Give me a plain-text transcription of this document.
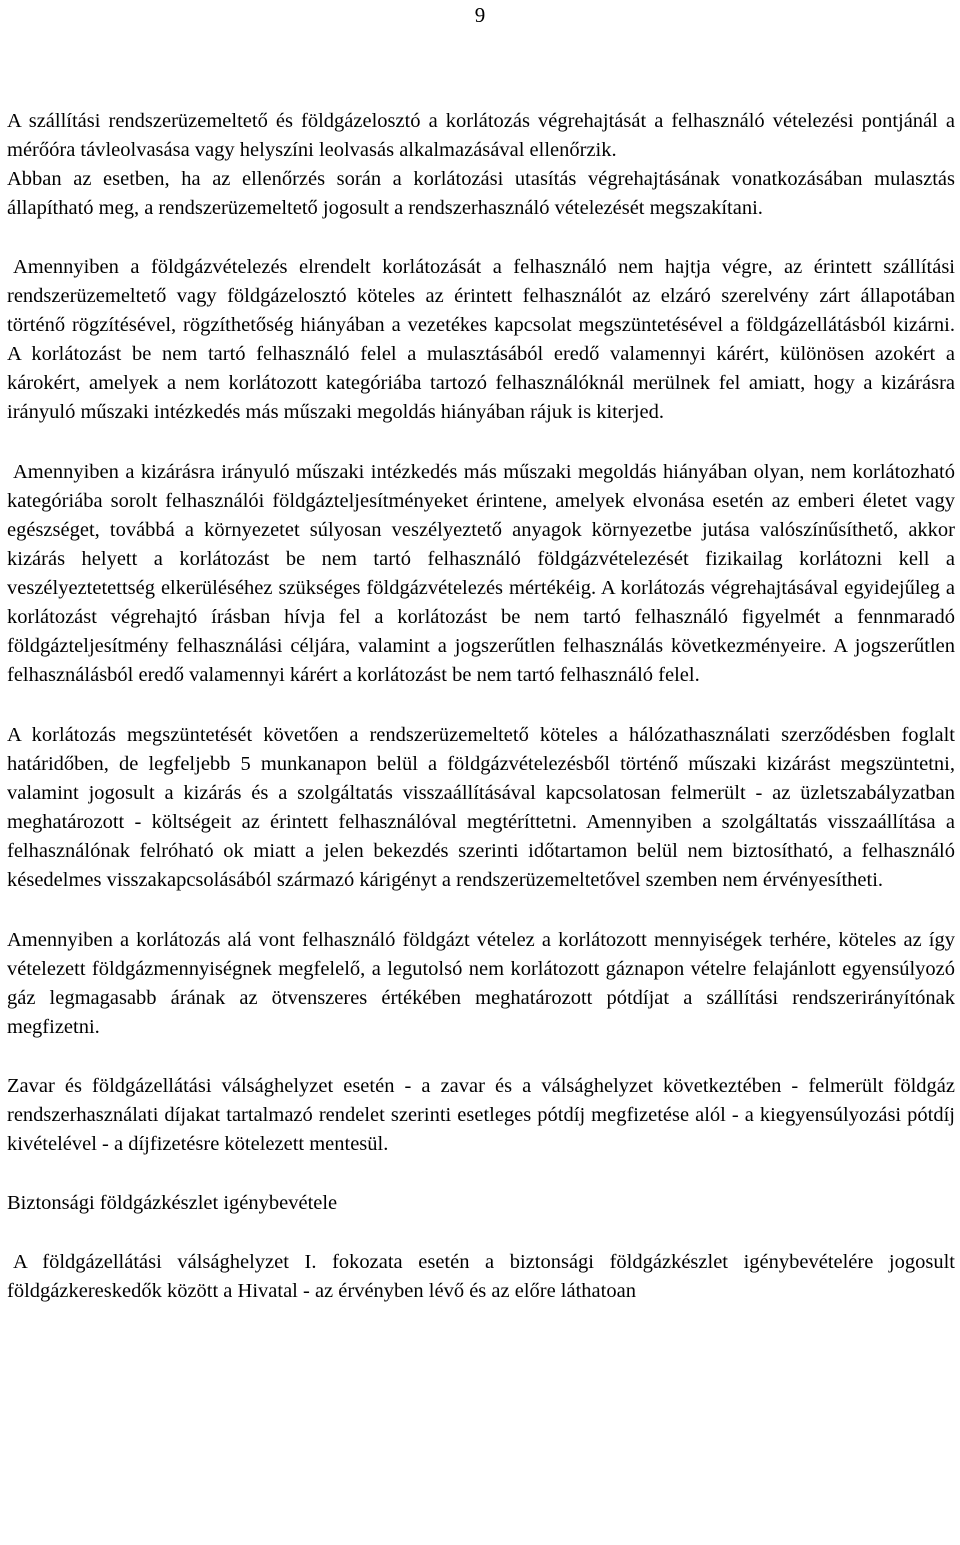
9

A szállítási rendszerüzemeltető és földgázelosztó a korlátozás végrehajtását a felhasználó vételezési pontjánál a mérőóra távleolvasása vagy helyszíni leolvasás alkalmazásával ellenőrzik.

Abban az esetben, ha az ellenőrzés során a korlátozási utasítás végrehajtásának vonatkozásában mulasztás állapítható meg, a rendszerüzemeltető jogosult a rendszerhasználó vételezését megszakítani.

Amennyiben a földgázvételezés elrendelt korlátozását a felhasználó nem hajtja végre, az érintett szállítási rendszerüzemeltető vagy földgázelosztó köteles az érintett felhasználót az elzáró szerelvény zárt állapotában történő rögzítésével, rögzíthetőség hiányában a vezetékes kapcsolat megszüntetésével a földgázellátásból kizárni. A korlátozást be nem tartó felhasználó felel a mulasztásából eredő valamennyi kárért, különösen azokért a károkért, amelyek a nem korlátozott kategóriába tartozó felhasználóknál merülnek fel amiatt, hogy a kizárásra irányuló műszaki intézkedés más műszaki megoldás hiányában rájuk is kiterjed.

Amennyiben a kizárásra irányuló műszaki intézkedés más műszaki megoldás hiányában olyan, nem korlátozható kategóriába sorolt felhasználói földgázteljesítményeket érintene, amelyek elvonása esetén az emberi életet vagy egészséget, továbbá a környezetet súlyosan veszélyeztető anyagok környezetbe jutása valószínűsíthető, akkor kizárás helyett a korlátozást be nem tartó felhasználó földgázvételezését fizikailag korlátozni kell a veszélyeztetettség elkerüléséhez szükséges földgázvételezés mértékéig. A korlátozás végrehajtásával egyidejűleg a korlátozást végrehajtó írásban hívja fel a korlátozást be nem tartó felhasználó figyelmét a fennmaradó földgázteljesítmény felhasználási céljára, valamint a jogszerűtlen felhasználás következményeire. A jogszerűtlen felhasználásból eredő valamennyi kárért a korlátozást be nem tartó felhasználó felel.

A korlátozás megszüntetését követően a rendszerüzemeltető köteles a hálózathasználati szerződésben foglalt határidőben, de legfeljebb 5 munkanapon belül a földgázvételezésből történő műszaki kizárást megszüntetni, valamint jogosult a kizárás és a szolgáltatás visszaállításával kapcsolatosan felmerült - az üzletszabályzatban meghatározott - költségeit az érintett felhasználóval megtéríttetni. Amennyiben a szolgáltatás visszaállítása a felhasználónak felróható ok miatt a jelen bekezdés szerinti időtartamon belül nem biztosítható, a felhasználó késedelmes visszakapcsolásából származó kárigényt a rendszerüzemeltetővel szemben nem érvényesítheti.

Amennyiben a korlátozás alá vont felhasználó földgázt vételez a korlátozott mennyiségek terhére, köteles az így vételezett földgázmennyiségnek megfelelő, a legutolsó nem korlátozott gáznapon vételre felajánlott egyensúlyozó gáz legmagasabb árának az ötvenszeres értékében meghatározott pótdíjat a szállítási rendszerirányítónak megfizetni.

Zavar és földgázellátási válsághelyzet esetén - a zavar és a válsághelyzet következtében - felmerült földgáz rendszerhasználati díjakat tartalmazó rendelet szerinti esetleges pótdíj megfizetése alól - a kiegyensúlyozási pótdíj kivételével - a díjfizetésre kötelezett mentesül.

Biztonsági földgázkészlet igénybevétele

A földgázellátási válsághelyzet I. fokozata esetén a biztonsági földgázkészlet igénybevételére jogosult földgázkereskedők között a Hivatal - az érvényben lévő és az előre láthatoan
